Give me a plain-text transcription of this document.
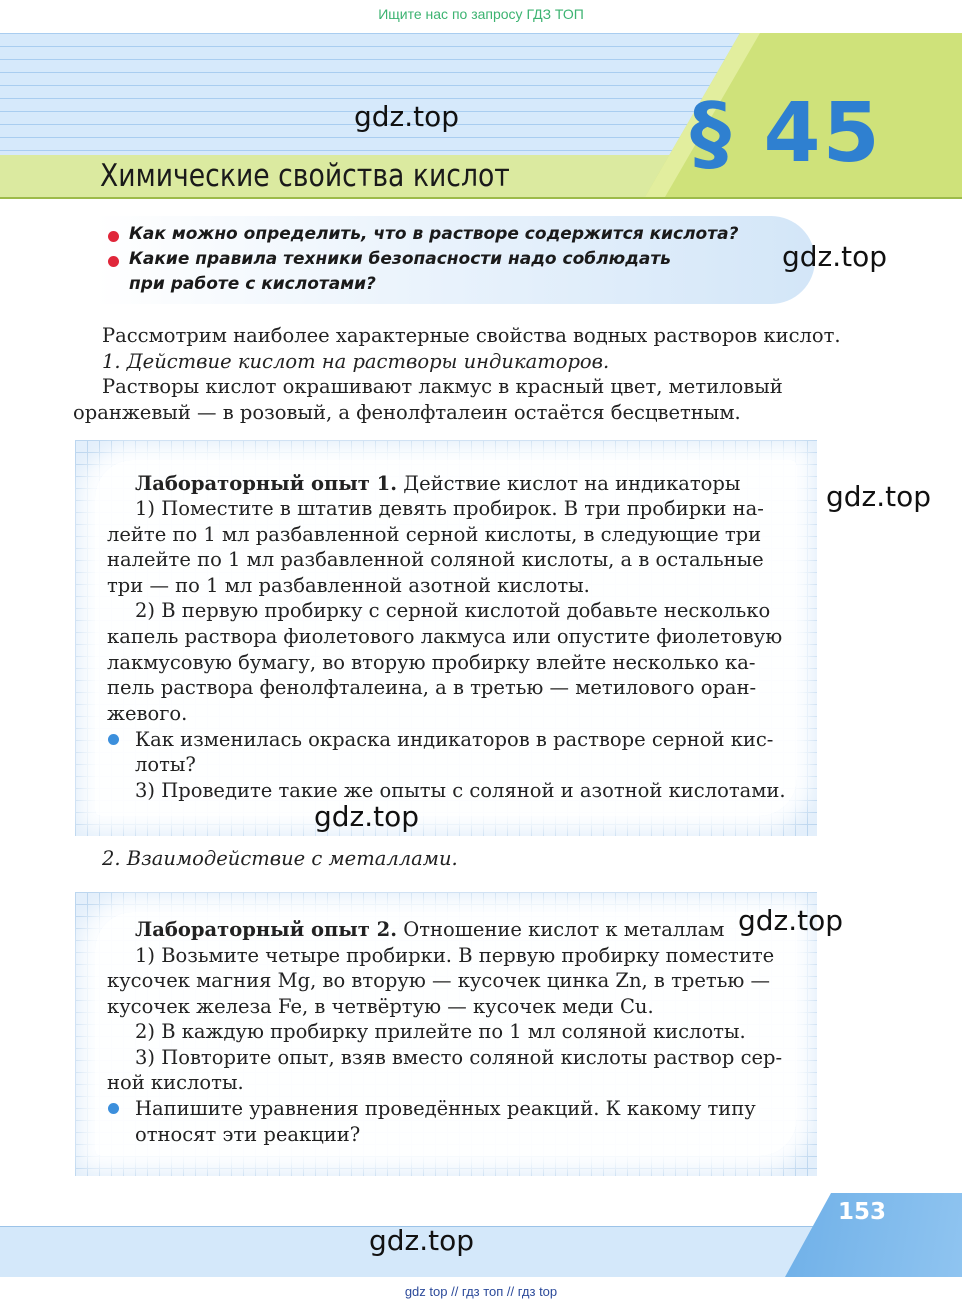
Ищите нас по запросу ГДЗ ТОП
§ 45
Химические свойства кислот
gdz.top
Как можно определить, что в растворе содержится кислота?
Какие правила техники безопасности надо соблюдать
при работе с кислотами?
gdz.top
Рассмотрим наиболее характерные свойства водных растворов кислот.
1. Действие кислот на растворы индикаторов.
Растворы кислот окрашивают лакмус в красный цвет, метиловый
оранжевый — в розовый, а фенолфталеин остаётся бесцветным.
Лабораторный опыт 1. Действие кислот на индикаторы
1) Поместите в штатив девять пробирок. В три пробирки на-
лейте по 1 мл разбавленной серной кислоты, в следующие три
налейте по 1 мл разбавленной соляной кислоты, а в остальные
три — по 1 мл разбавленной азотной кислоты.
2) В первую пробирку с серной кислотой добавьте несколько
капель раствора фиолетового лакмуса или опустите фиолетовую
лакмусовую бумагу, во вторую пробирку влейте несколько ка-
пель раствора фенолфталеина, а в третью — метилового оран-
жевого.
Как изменилась окраска индикаторов в растворе серной кис-
лоты?
3) Проведите такие же опыты с соляной и азотной кислотами.
gdz.top
gdz.top
2. Взаимодействие с металлами.
Лабораторный опыт 2. Отношение кислот к металлам
1) Возьмите четыре пробирки. В первую пробирку поместите
кусочек магния Mg, во вторую — кусочек цинка Zn, в третью —
кусочек железа Fe, в четвёртую — кусочек меди Cu.
2) В каждую пробирку прилейте по 1 мл соляной кислоты.
3) Повторите опыт, взяв вместо соляной кислоты раствор сер-
ной кислоты.
Напишите уравнения проведённых реакций. К какому типу
относят эти реакции?
gdz.top
153
gdz.top
gdz top // гдз топ // гдз top
